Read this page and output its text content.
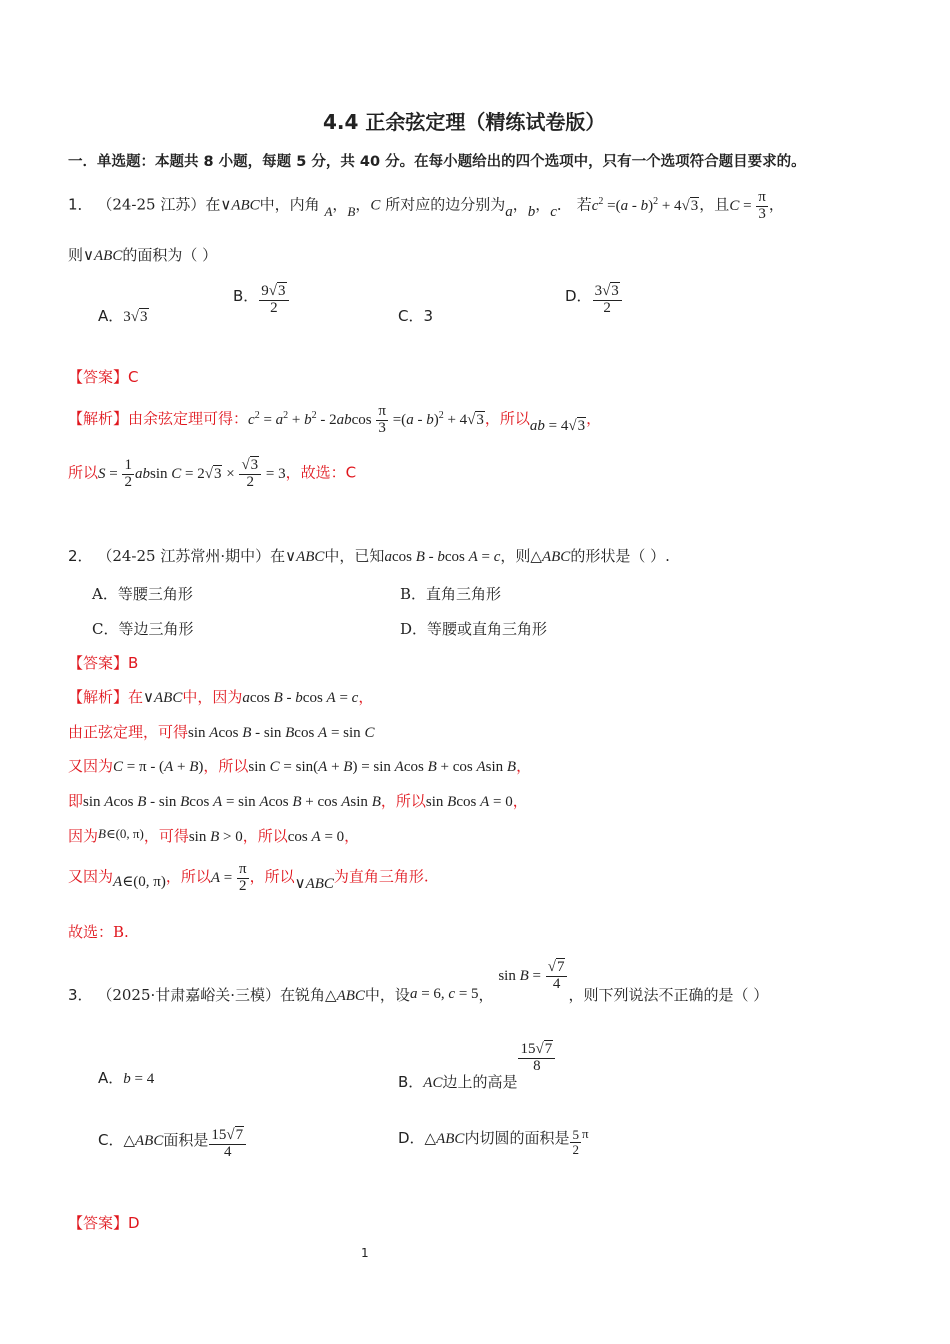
4.4 正余弦定理（精练试卷版）
一．单选题：本题共 8 小题，每题 5 分，共 40 分。在每小题给出的四个选项中，只有一个选项符合题目要求的。
1． （24-25 江苏）在∨ABC中，内角 A，B，C 所对应的边分别为a，b，c． 若$c^2 =(a - b)^2 + 4√3$，且$C = \frac{\pi}{3}$ ，
则∨ABC的面积为（ ）
A．3√3
B． $\frac{9√3}{2}$	C．3
D． $\frac{3√3}{2}$
【答案】C
【解析】由余弦定理可得：$c^2 = a^2 + b^2 - 2abcos \frac{\pi}{3} =(a - b)^2 + 4√3$，所以ab = 4√3，
所以$S = \frac{1}{2}$ absin $C = 2√3 \times \frac{√3}{2} = 3$，故选：C
2． （24-25 江苏常州·期中）在∨ABC中，已知acos B - bcos A = c，则△ABC的形状是（ ）.
A．等腰三角形	B．直角三角形
C．等边三角形	D．等腰或直角三角形
【答案】B
【解析】在∨ABC中，因为acos B - bcos A = c，
由正弦定理，可得sin Acos B - sin Bcos A = sin C
又因为C = π - (A + B)，所以sin C = sin(A + B) = sin Acos B + cos Asin B，
即sin Acos B - sin Bcos A = sin Acos B + cos Asin B，所以sin Bcos A = 0，
因为B∈(0, π)，可得sin B > 0，所以cos A = 0，
又因为A∈(0, π)，所以$A = \frac{\pi}{2}$ ，所以∨ABC为直角三角形.
故选：B.
3． （2025·甘肃嘉峪关·三模）在锐角△ABC中，设a = 6, c = 5， $\sin B = \frac{√7}{4}$
，则下列说法不正确的是（ ）
A．b = 4	B．AC边上的高是
$\frac{15√7}{8}$
C．△ABC面积是 $\frac{15√7}{4}$	D．△ABC内切圆的面积是 $\frac{5}{2}$ π
【答案】D
1
